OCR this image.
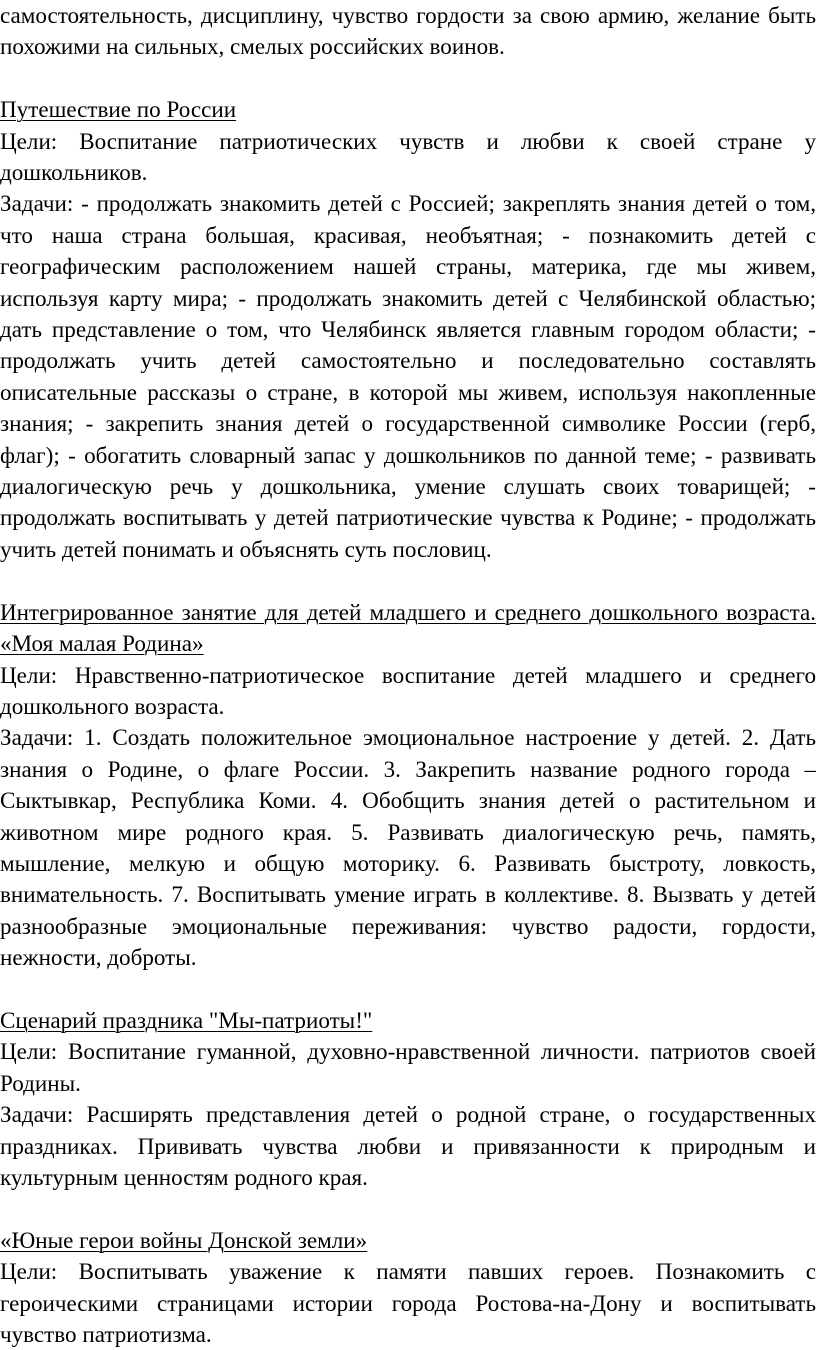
самостоятельность, дисциплину, чувство гордости за свою армию, желание быть похожими на сильных, смелых российских воинов.

Путешествие по России

Цели: Воспитание патриотических чувств и любви к своей стране у дошкольников.

Задачи: - продолжать знакомить детей с Россией; закреплять знания детей о том, что наша страна большая, красивая, необъятная; - познакомить детей с географическим расположением нашей страны, материка, где мы живем, используя карту мира; - продолжать знакомить детей с Челябинской областью; дать представление о том, что Челябинск является главным городом области; - продолжать учить детей самостоятельно и последовательно составлять описательные рассказы о стране, в которой мы живем, используя накопленные знания; - закрепить знания детей о государственной символике России (герб, флаг); - обогатить словарный запас у дошкольников по данной теме; - развивать диалогическую речь у дошкольника, умение слушать своих товарищей; - продолжать воспитывать у детей патриотические чувства к Родине; - продолжать учить детей понимать и объяснять суть пословиц.

Интегрированное занятие для детей младшего и среднего дошкольного возраста. «Моя малая Родина»

Цели: Нравственно-патриотическое воспитание детей младшего и среднего дошкольного возраста.

Задачи: 1. Создать положительное эмоциональное настроение у детей. 2. Дать знания о Родине, о флаге России. 3. Закрепить название родного города – Сыктывкар, Республика Коми. 4. Обобщить знания детей о растительном и животном мире родного края. 5. Развивать диалогическую речь, память, мышление, мелкую и общую моторику. 6. Развивать быстроту, ловкость, внимательность. 7. Воспитывать умение играть в коллективе. 8. Вызвать у детей разнообразные эмоциональные переживания: чувство радости, гордости, нежности, доброты.

Сценарий праздника "Мы-патриоты!"

Цели: Воспитание гуманной, духовно-нравственной личности. патриотов своей Родины.

Задачи: Расширять представления детей о родной стране, о государственных праздниках. Прививать чувства любви и привязанности к природным и культурным ценностям родного края.

«Юные герои войны Донской земли»

Цели: Воспитывать уважение к памяти павших героев. Познакомить с героическими страницами истории города Ростова-на-Дону и воспитывать чувство патриотизма.
